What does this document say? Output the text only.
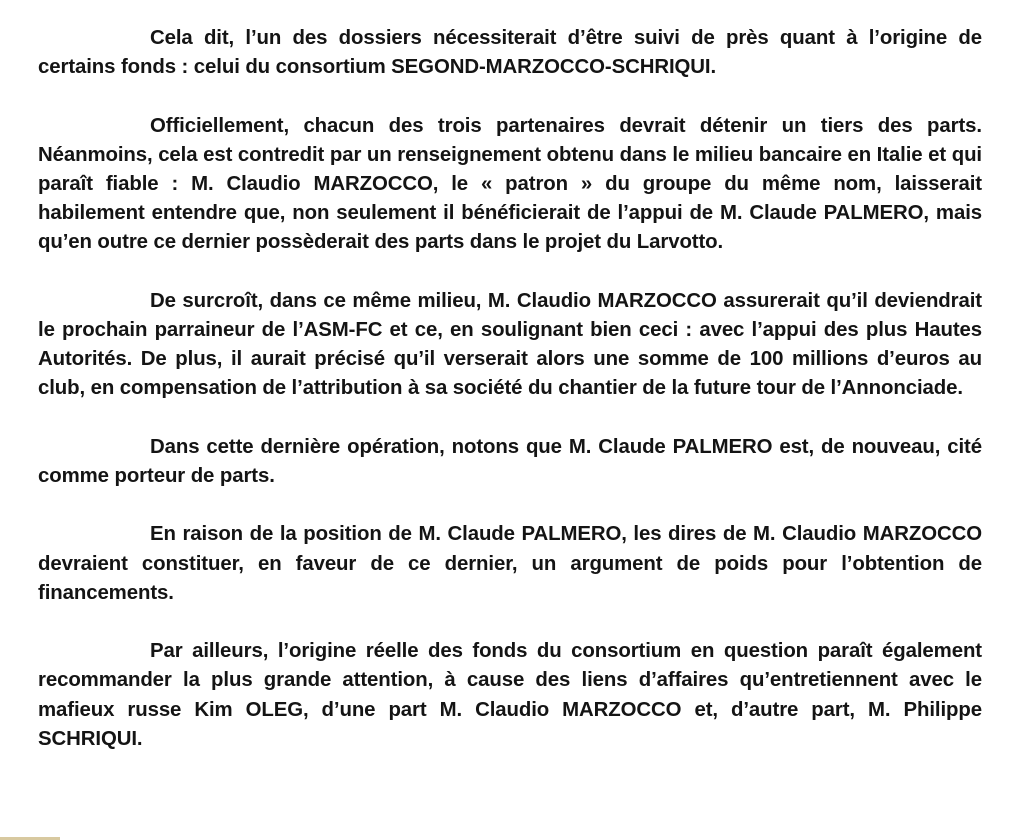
Cela dit, l’un des dossiers nécessiterait d’être suivi de près quant à l’origine de certains fonds : celui du consortium SEGOND-MARZOCCO-SCHRIQUI.

Officiellement, chacun des trois partenaires devrait détenir un tiers des parts. Néanmoins, cela est contredit par un renseignement obtenu dans le milieu bancaire en Italie et qui paraît fiable : M. Claudio MARZOCCO, le « patron » du groupe du même nom, laisserait habilement entendre que, non seulement il bénéficierait de l’appui de M. Claude PALMERO, mais qu’en outre ce dernier possèderait des parts dans le projet du Larvotto.

De surcroît, dans ce même milieu, M. Claudio MARZOCCO assurerait qu’il deviendrait le prochain parraineur de l’ASM-FC et ce, en soulignant bien ceci : avec l’appui des plus Hautes Autorités. De plus, il aurait précisé qu’il verserait alors une somme de 100 millions d’euros au club, en compensation de l’attribution à sa société du chantier de la future tour de l’Annonciade.

Dans cette dernière opération, notons que M. Claude PALMERO est, de nouveau, cité comme porteur de parts.

En raison de la position de M. Claude PALMERO, les dires de M. Claudio MARZOCCO devraient constituer, en faveur de ce dernier, un argument de poids pour l’obtention de financements.

Par ailleurs, l’origine réelle des fonds du consortium en question paraît également recommander la plus grande attention, à cause des liens d’affaires qu’entretiennent avec le mafieux russe Kim OLEG, d’une part M. Claudio MARZOCCO et, d’autre part, M. Philippe SCHRIQUI.
